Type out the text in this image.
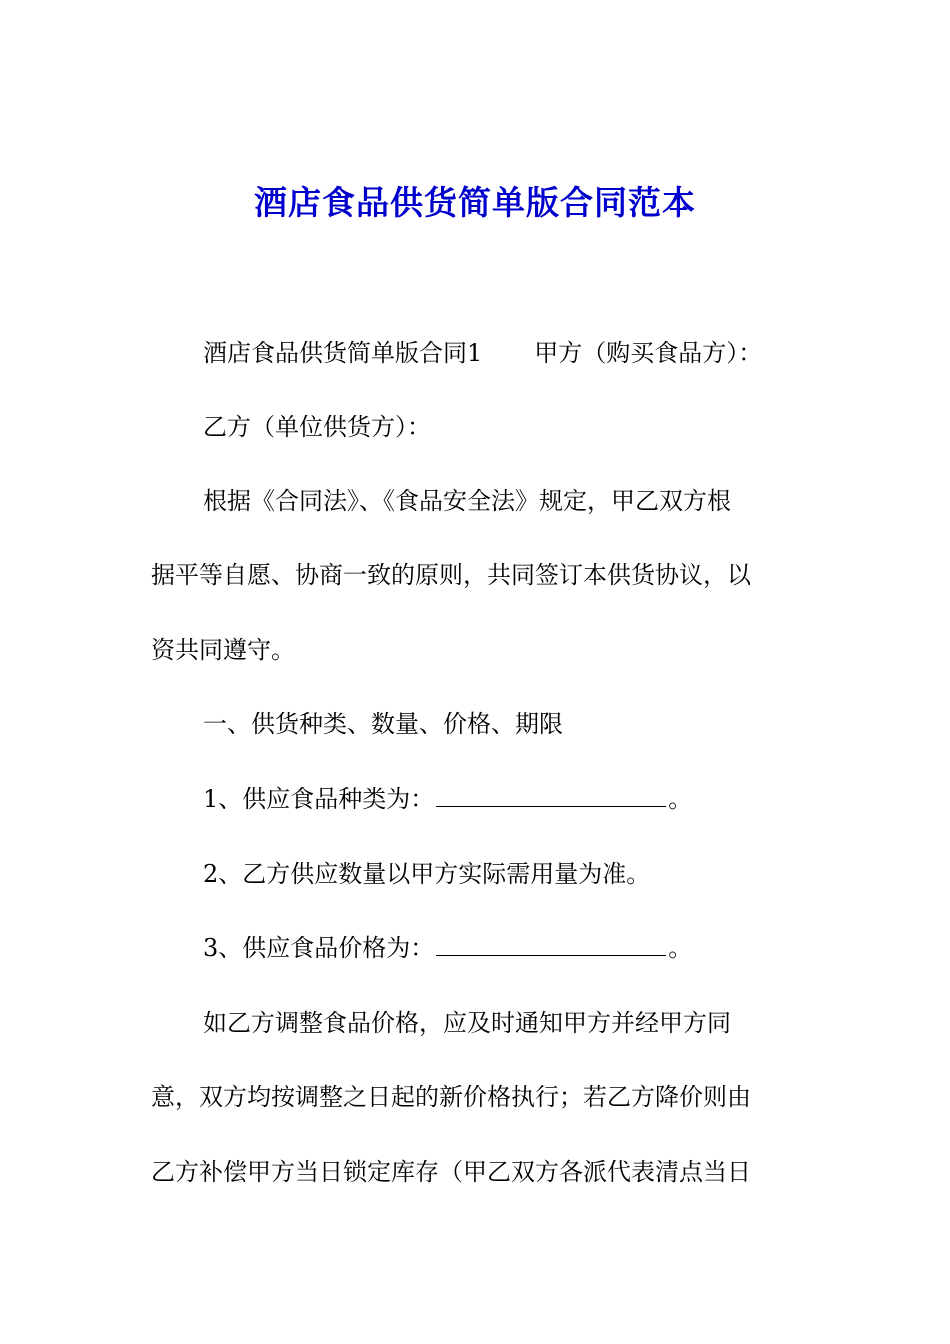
酒店食品供货简单版合同范本
酒店食品供货简单版合同1 甲方（购买食品方）：
乙方（单位供货方）：
根据《合同法》、《食品安全法》规定，甲乙双方根
据平等自愿、协商一致的原则，共同签订本供货协议，以
资共同遵守。
一、供货种类、数量、价格、期限
1、供应食品种类为：	。
2、乙方供应数量以甲方实际需用量为准。
3、供应食品价格为：	。
如乙方调整食品价格，应及时通知甲方并经甲方同
意，双方均按调整之日起的新价格执行；若乙方降价则由
乙方补偿甲方当日锁定库存（甲乙双方各派代表清点当日
